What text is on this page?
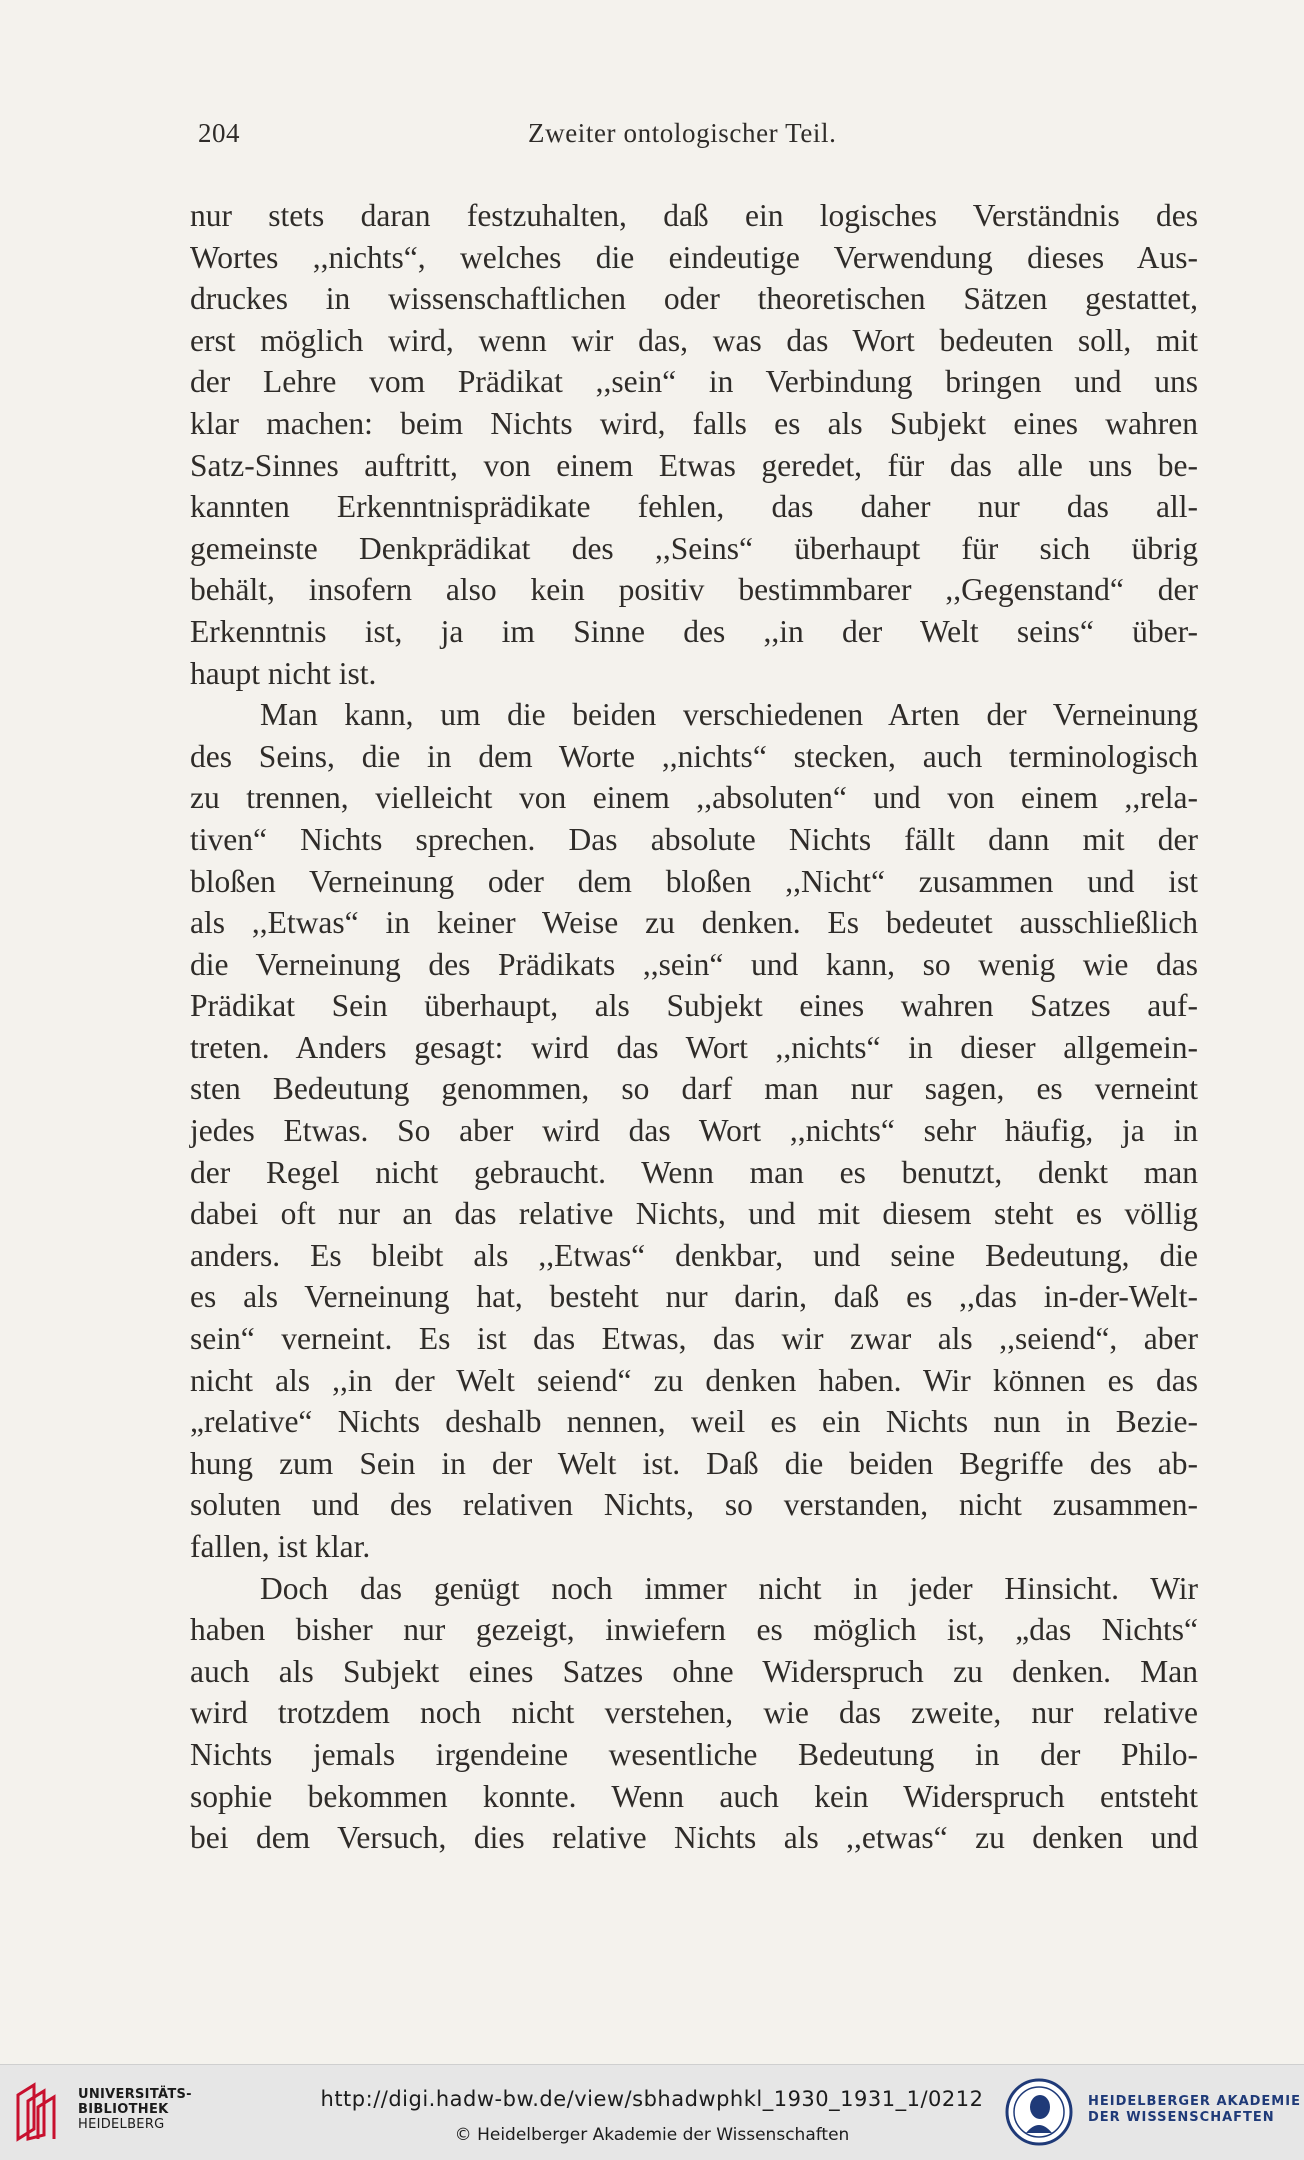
204	Zweiter ontologischer Teil.
nur stets daran festzuhalten, daß ein logisches Verständnis des
Wortes ,,nichts“, welches die eindeutige Verwendung dieses Aus-
druckes in wissenschaftlichen oder theoretischen Sätzen gestattet,
erst möglich wird, wenn wir das, was das Wort bedeuten soll, mit
der Lehre vom Prädikat ,,sein“ in Verbindung bringen und uns
klar machen: beim Nichts wird, falls es als Subjekt eines wahren
Satz-Sinnes auftritt, von einem Etwas geredet, für das alle uns be-
kannten Erkenntnisprädikate fehlen, das daher nur das all-
gemeinste Denkprädikat des ,,Seins“ überhaupt für sich übrig
behält, insofern also kein positiv bestimmbarer ,,Gegenstand“ der
Erkenntnis ist, ja im Sinne des ,,in der Welt seins“ über-
haupt nicht ist.
Man kann, um die beiden verschiedenen Arten der Verneinung
des Seins, die in dem Worte ,,nichts“ stecken, auch terminologisch
zu trennen, vielleicht von einem ,,absoluten“ und von einem ,,rela-
tiven“ Nichts sprechen. Das absolute Nichts fällt dann mit der
bloßen Verneinung oder dem bloßen ,,Nicht“ zusammen und ist
als ,,Etwas“ in keiner Weise zu denken. Es bedeutet ausschließlich
die Verneinung des Prädikats ,,sein“ und kann, so wenig wie das
Prädikat Sein überhaupt, als Subjekt eines wahren Satzes auf-
treten. Anders gesagt: wird das Wort ,,nichts“ in dieser allgemein-
sten Bedeutung genommen, so darf man nur sagen, es verneint
jedes Etwas. So aber wird das Wort ,,nichts“ sehr häufig, ja in
der Regel nicht gebraucht. Wenn man es benutzt, denkt man
dabei oft nur an das relative Nichts, und mit diesem steht es völlig
anders. Es bleibt als ,,Etwas“ denkbar, und seine Bedeutung, die
es als Verneinung hat, besteht nur darin, daß es ,,das in-der-Welt-
sein“ verneint. Es ist das Etwas, das wir zwar als ,,seiend“, aber
nicht als ,,in der Welt seiend“ zu denken haben. Wir können es das
„relative“ Nichts deshalb nennen, weil es ein Nichts nun in Bezie-
hung zum Sein in der Welt ist. Daß die beiden Begriffe des ab-
soluten und des relativen Nichts, so verstanden, nicht zusammen-
fallen, ist klar.
Doch das genügt noch immer nicht in jeder Hinsicht. Wir
haben bisher nur gezeigt, inwiefern es möglich ist, „das Nichts“
auch als Subjekt eines Satzes ohne Widerspruch zu denken. Man
wird trotzdem noch nicht verstehen, wie das zweite, nur relative
Nichts jemals irgendeine wesentliche Bedeutung in der Philo-
sophie bekommen konnte. Wenn auch kein Widerspruch entsteht
bei dem Versuch, dies relative Nichts als ,,etwas“ zu denken und
UNIVERSITÄTS-
BIBLIOTHEK
HEIDELBERG
http://digi.hadw-bw.de/view/sbhadwphkl_1930_1931_1/0212
© Heidelberger Akademie der Wissenschaften
HEIDELBERGER AKADEMIE
DER WISSENSCHAFTEN
